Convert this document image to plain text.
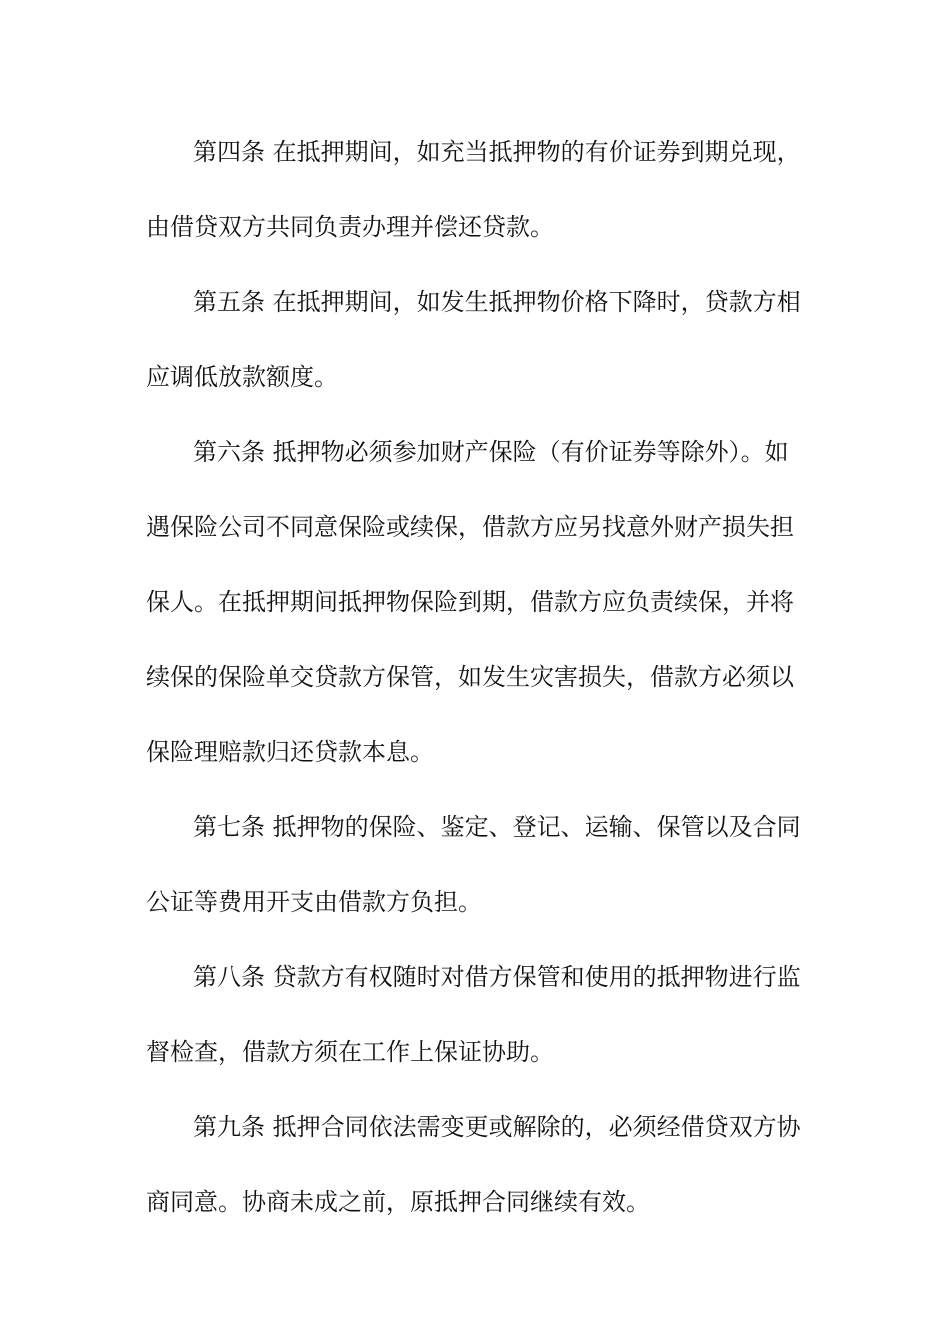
第四条 在抵押期间，如充当抵押物的有价证券到期兑现，
由借贷双方共同负责办理并偿还贷款。
第五条 在抵押期间，如发生抵押物价格下降时，贷款方相
应调低放款额度。
第六条 抵押物必须参加财产保险（有价证券等除外）。如
遇保险公司不同意保险或续保，借款方应另找意外财产损失担
保人。在抵押期间抵押物保险到期，借款方应负责续保，并将
续保的保险单交贷款方保管，如发生灾害损失，借款方必须以
保险理赔款归还贷款本息。
第七条 抵押物的保险、鉴定、登记、运输、保管以及合同
公证等费用开支由借款方负担。
第八条 贷款方有权随时对借方保管和使用的抵押物进行监
督检查，借款方须在工作上保证协助。
第九条 抵押合同依法需变更或解除的，必须经借贷双方协
商同意。协商未成之前，原抵押合同继续有效。
